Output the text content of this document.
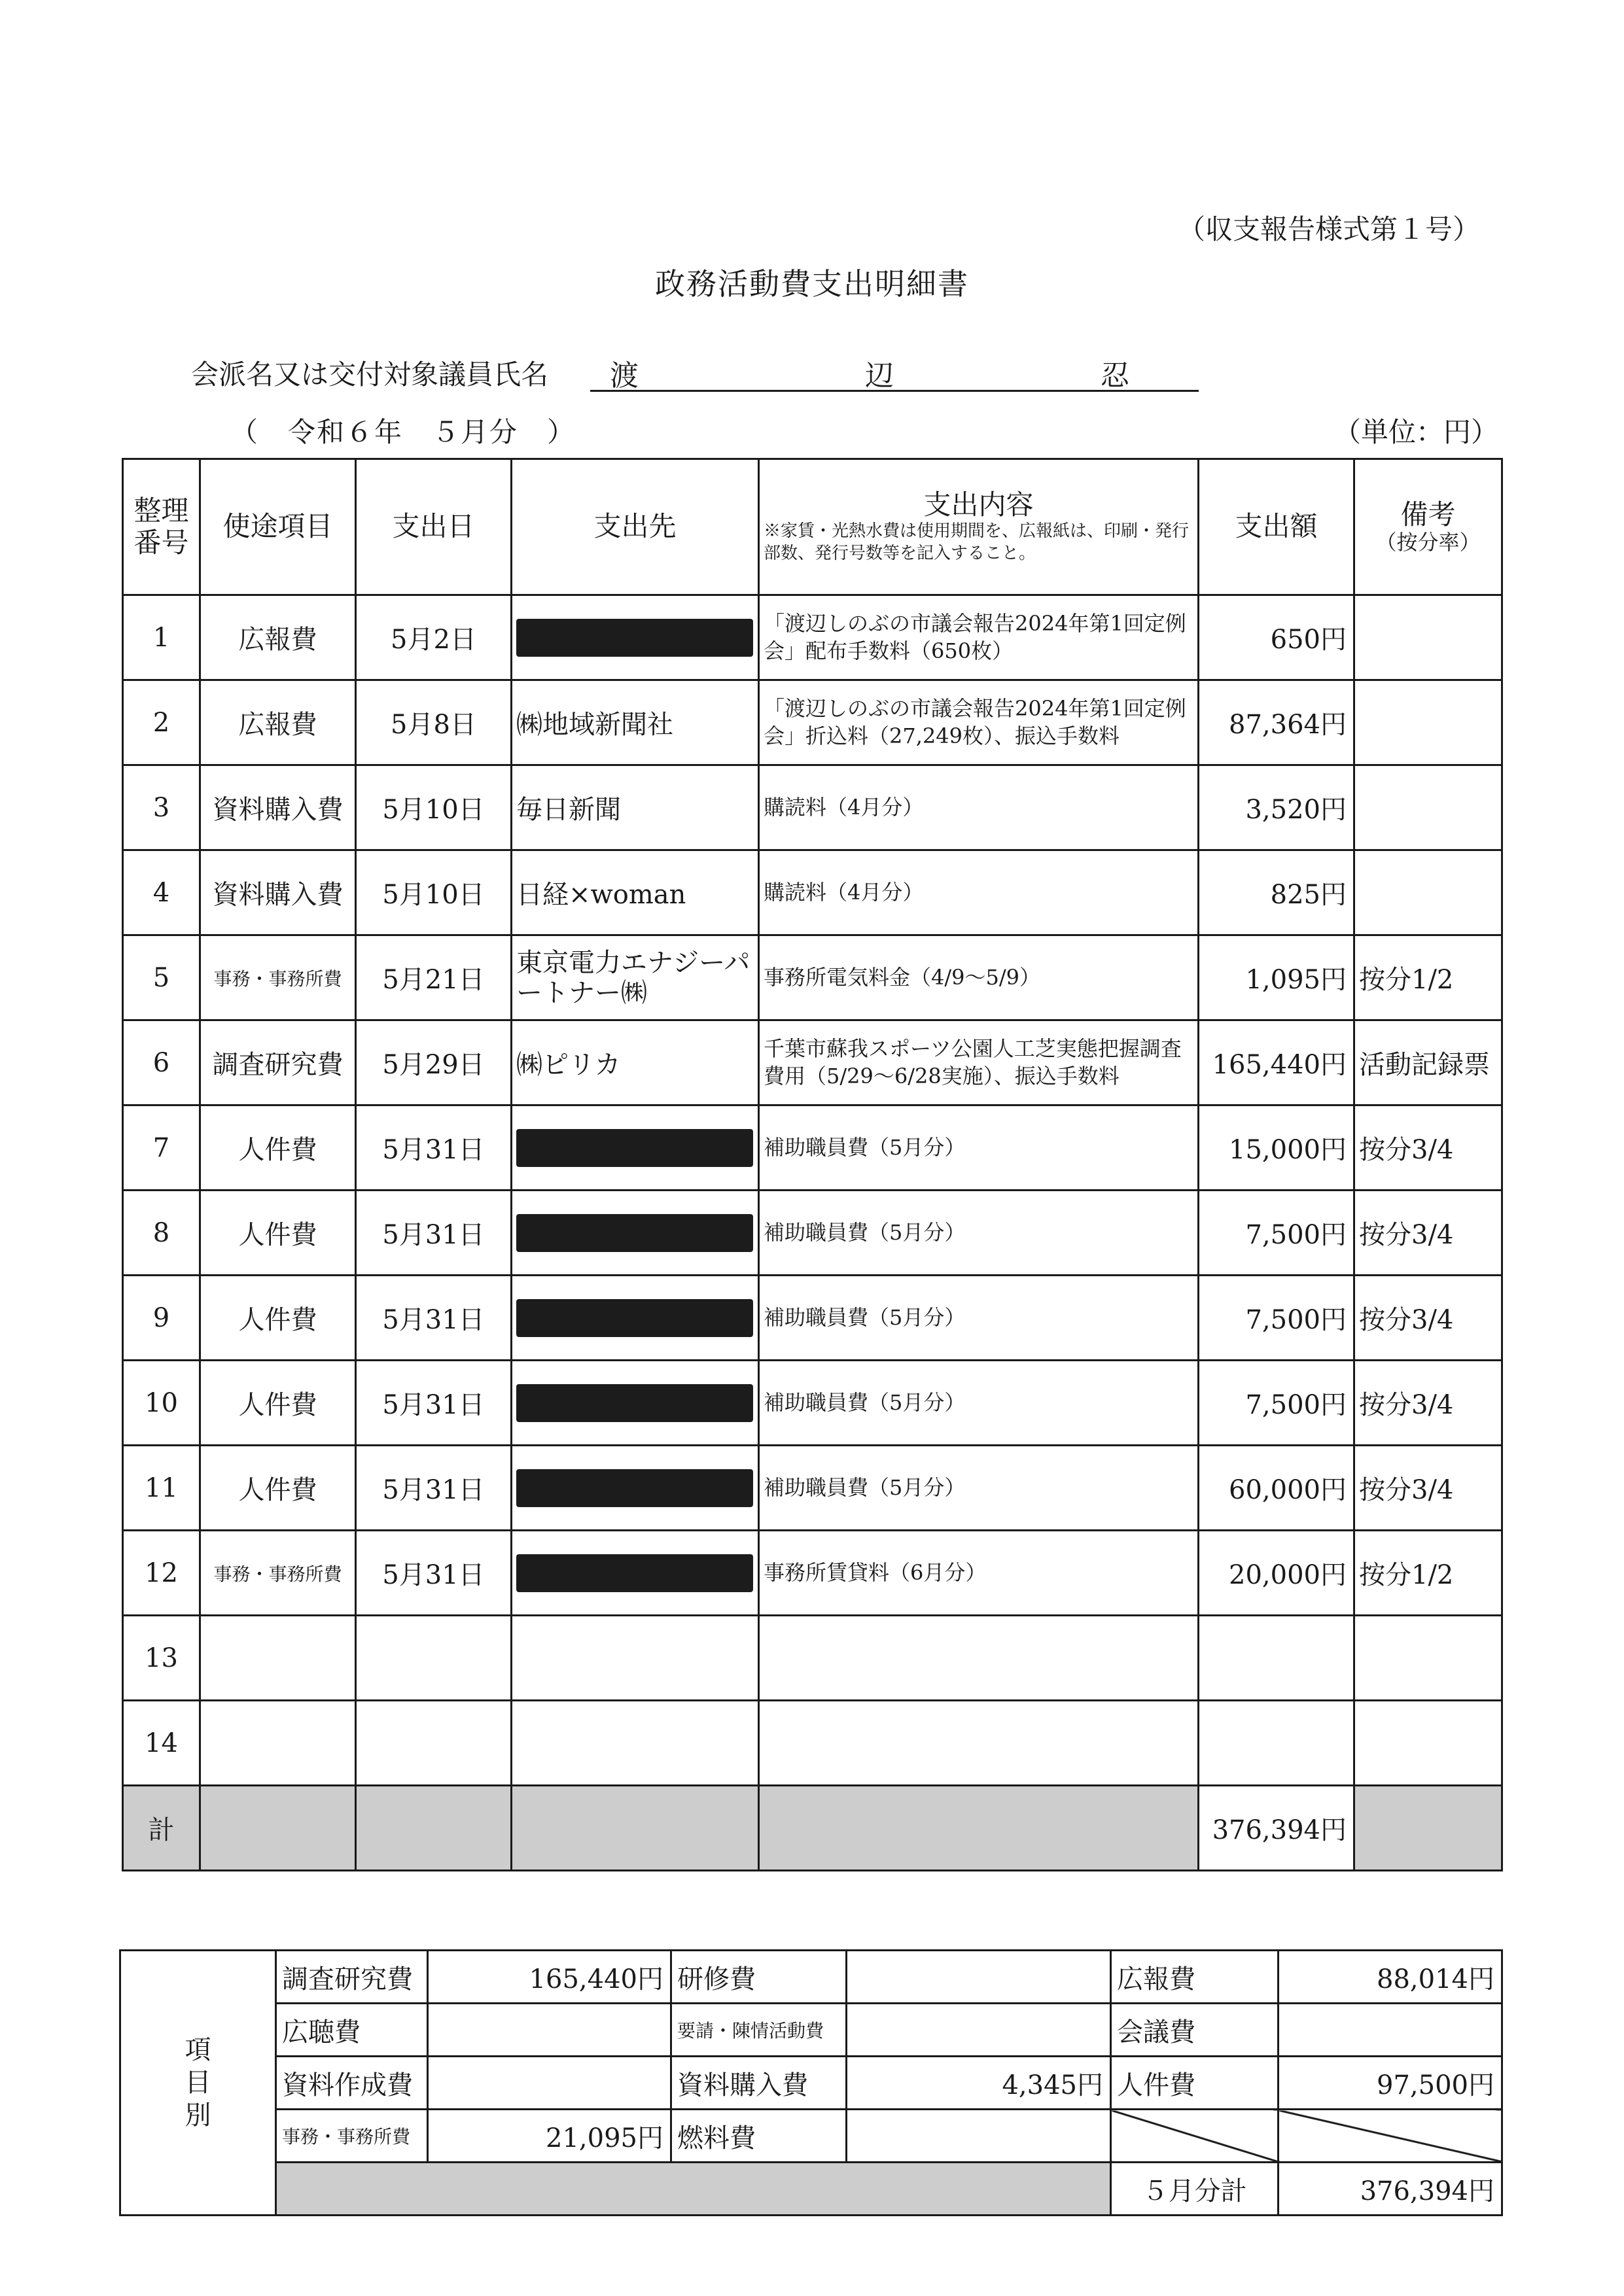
（収支報告様式第１号）
政務活動費支出明細書
会派名又は交付対象議員氏名 渡	辺	忍
（　令和６年　５月分　）	（単位：円）
整理番号	使途項目	支出日	支出先	支出内容
※家賃・光熱水費は使用期間を、広報紙は、印刷・発行部数、発行号数等を記入すること。	支出額	備考
（按分率）

1	広報費	5月2日		「渡辺しのぶの市議会報告2024年第1回定例会」配布手数料（650枚）	650円	
2	広報費	5月8日	㈱地域新聞社	「渡辺しのぶの市議会報告2024年第1回定例会」折込料（27,249枚）、振込手数料	87,364円	
3	資料購入費	5月10日	毎日新聞	購読料（4月分）	3,520円	
4	資料購入費	5月10日	日経×woman	購読料（4月分）	825円	
5	事務・事務所費	5月21日	東京電力エナジーパートナー㈱	事務所電気料金（4/9～5/9）	1,095円	按分1/2
6	調査研究費	5月29日	㈱ピリカ	千葉市蘇我スポーツ公園人工芝実態把握調査費用（5/29～6/28実施）、振込手数料	165,440円	活動記録票
7	人件費	5月31日		補助職員費（5月分）	15,000円	按分3/4
8	人件費	5月31日		補助職員費（5月分）	7,500円	按分3/4
9	人件費	5月31日		補助職員費（5月分）	7,500円	按分3/4
10	人件費	5月31日		補助職員費（5月分）	7,500円	按分3/4
11	人件費	5月31日		補助職員費（5月分）	60,000円	按分3/4
12	事務・事務所費	5月31日		事務所賃貸料（6月分）	20,000円	按分1/2
13						
14						
計					376,394円	
項
目
別	調査研究費	165,440円	研修費		広報費	88,014円
	広聴費		要請・陳情活動費		会議費	
	資料作成費		資料購入費	4,345円	人件費	97,500円
	事務・事務所費	21,095円	燃料費			
					５月分計	376,394円
